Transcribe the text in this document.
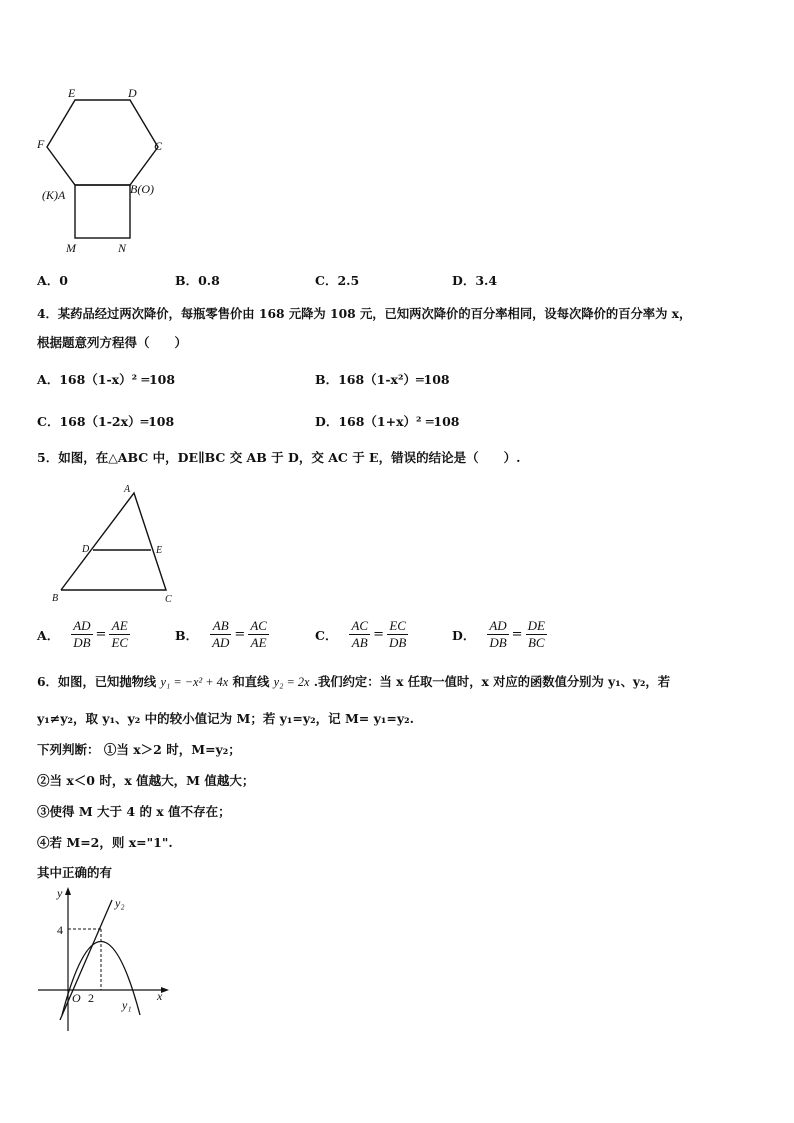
E	D
F	C
(K)A	B(O)
M	N
A．0	B．0.8	C．2.5	D．3.4
4．某药品经过两次降价，每瓶零售价由 168 元降为 108 元，已知两次降价的百分率相同，设每次降价的百分率为 x，
根据题意列方程得（　　）
A．168（1-x）² ═108	B．168（1-x²）═108
C．168（1-2x）═108	D．168（1+x）² ═108
5．如图，在△ABC 中，DE∥BC 交 AB 于 D，交 AC 于 E，错误的结论是（　　）.
A
D	E
B	C
A． $\frac{AD}{DB} = \frac{AE}{EC}$	B． $\frac{AB}{AD} = \frac{AC}{AE}$	C． $\frac{AC}{AB} = \frac{EC}{DB}$	D． $\frac{AD}{DB} = \frac{DE}{BC}$
6．如图，已知抛物线 y₁ = −x² + 4x 和直线 y₂ = 2x .我们约定：当 x 任取一值时，x 对应的函数值分别为 y₁、y₂，若
y₁≠y₂，取 y₁、y₂ 中的较小值记为 M；若 y₁=y₂，记 M= y₁=y₂.
下列判断： ①当 x＞2 时，M=y₂；
②当 x＜0 时，x 值越大，M 值越大；
③使得 M 大于 4 的 x 值不存在；
④若 M=2，则 x="1".
其中正确的有
y
y₂
4
O 2	x
y₁
